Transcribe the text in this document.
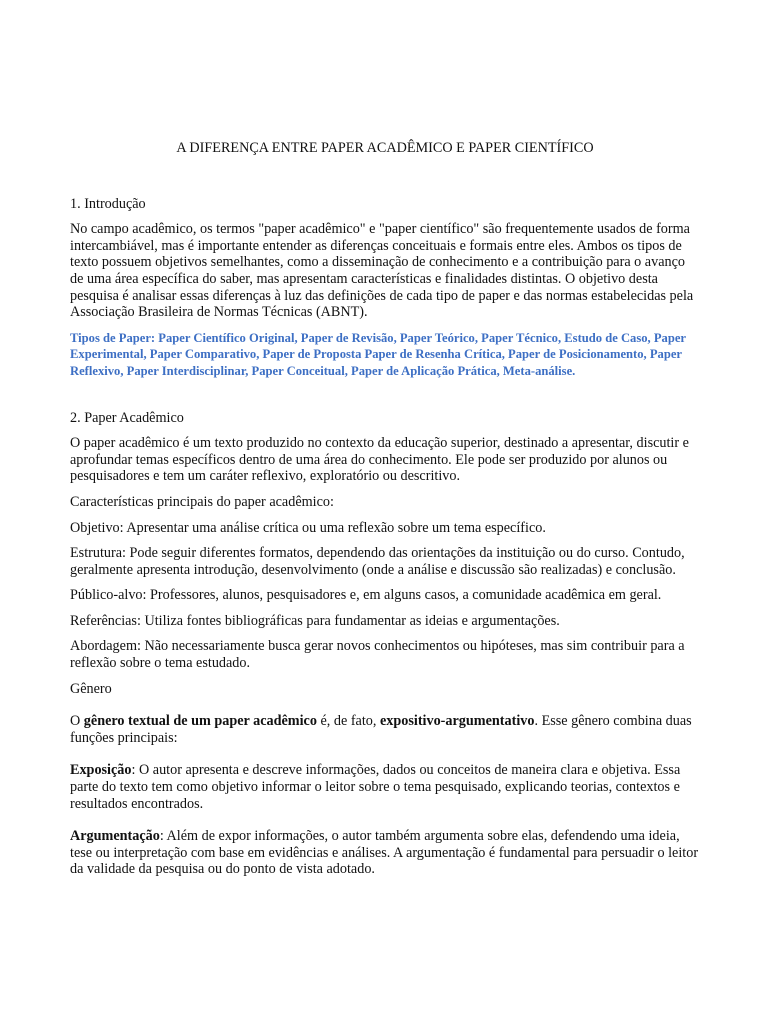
A DIFERENÇA ENTRE PAPER ACADÊMICO E PAPER CIENTÍFICO

1. Introdução

No campo acadêmico, os termos "paper acadêmico" e "paper científico" são frequentemente usados de forma intercambiável, mas é importante entender as diferenças conceituais e formais entre eles. Ambos os tipos de texto possuem objetivos semelhantes, como a disseminação de conhecimento e a contribuição para o avanço de uma área específica do saber, mas apresentam características e finalidades distintas. O objetivo desta pesquisa é analisar essas diferenças à luz das definições de cada tipo de paper e das normas estabelecidas pela Associação Brasileira de Normas Técnicas (ABNT).

Tipos de Paper: Paper Científico Original, Paper de Revisão, Paper Teórico, Paper Técnico, Estudo de Caso, Paper Experimental, Paper Comparativo, Paper de Proposta Paper de Resenha Crítica, Paper de Posicionamento, Paper Reflexivo, Paper Interdisciplinar, Paper Conceitual, Paper de Aplicação Prática, Meta-análise.

2. Paper Acadêmico

O paper acadêmico é um texto produzido no contexto da educação superior, destinado a apresentar, discutir e aprofundar temas específicos dentro de uma área do conhecimento. Ele pode ser produzido por alunos ou pesquisadores e tem um caráter reflexivo, exploratório ou descritivo.

Características principais do paper acadêmico:

Objetivo: Apresentar uma análise crítica ou uma reflexão sobre um tema específico.

Estrutura: Pode seguir diferentes formatos, dependendo das orientações da instituição ou do curso. Contudo, geralmente apresenta introdução, desenvolvimento (onde a análise e discussão são realizadas) e conclusão.

Público-alvo: Professores, alunos, pesquisadores e, em alguns casos, a comunidade acadêmica em geral.

Referências: Utiliza fontes bibliográficas para fundamentar as ideias e argumentações.

Abordagem: Não necessariamente busca gerar novos conhecimentos ou hipóteses, mas sim contribuir para a reflexão sobre o tema estudado.

Gênero

O gênero textual de um paper acadêmico é, de fato, expositivo-argumentativo. Esse gênero combina duas funções principais:

Exposição: O autor apresenta e descreve informações, dados ou conceitos de maneira clara e objetiva. Essa parte do texto tem como objetivo informar o leitor sobre o tema pesquisado, explicando teorias, contextos e resultados encontrados.

Argumentação: Além de expor informações, o autor também argumenta sobre elas, defendendo uma ideia, tese ou interpretação com base em evidências e análises. A argumentação é fundamental para persuadir o leitor da validade da pesquisa ou do ponto de vista adotado.
